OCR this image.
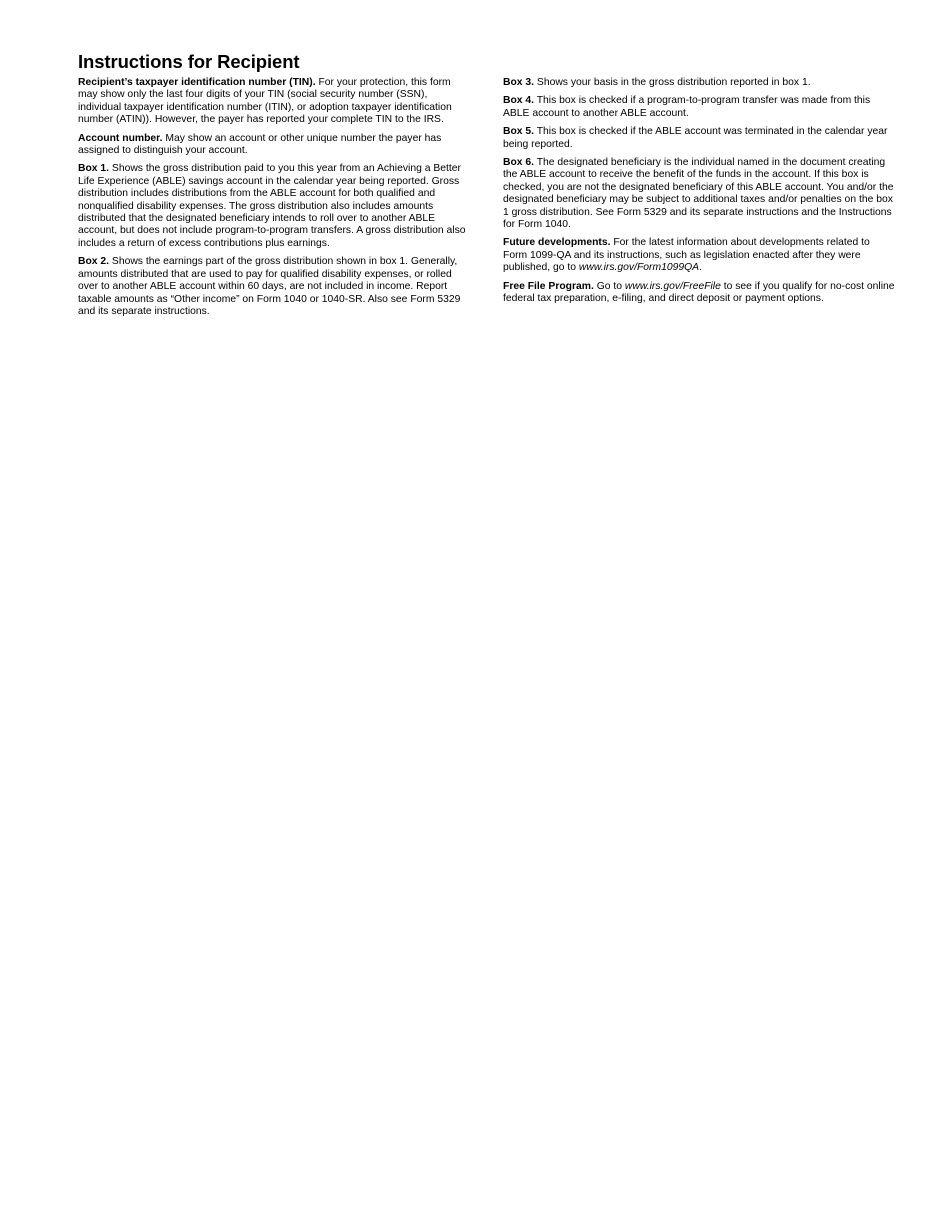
Instructions for Recipient

Recipient’s taxpayer identification number (TIN). For your protection, this form may show only the last four digits of your TIN (social security number (SSN), individual taxpayer identification number (ITIN), or adoption taxpayer identification number (ATIN)). However, the payer has reported your complete TIN to the IRS.

Account number. May show an account or other unique number the payer has assigned to distinguish your account.

Box 1. Shows the gross distribution paid to you this year from an Achieving a Better Life Experience (ABLE) savings account in the calendar year being reported. Gross distribution includes distributions from the ABLE account for both qualified and nonqualified disability expenses. The gross distribution also includes amounts distributed that the designated beneficiary intends to roll over to another ABLE account, but does not include program-to-program transfers. A gross distribution also includes a return of excess contributions plus earnings.

Box 2. Shows the earnings part of the gross distribution shown in box 1. Generally, amounts distributed that are used to pay for qualified disability expenses, or rolled over to another ABLE account within 60 days, are not included in income. Report taxable amounts as “Other income” on Form 1040 or 1040-SR. Also see Form 5329 and its separate instructions.

Box 3. Shows your basis in the gross distribution reported in box 1.

Box 4. This box is checked if a program-to-program transfer was made from this ABLE account to another ABLE account.

Box 5. This box is checked if the ABLE account was terminated in the calendar year being reported.

Box 6. The designated beneficiary is the individual named in the document creating the ABLE account to receive the benefit of the funds in the account. If this box is checked, you are not the designated beneficiary of this ABLE account. You and/or the designated beneficiary may be subject to additional taxes and/or penalties on the box 1 gross distribution. See Form 5329 and its separate instructions and the Instructions for Form 1040.

Future developments. For the latest information about developments related to Form 1099-QA and its instructions, such as legislation enacted after they were published, go to www.irs.gov/Form1099QA.

Free File Program. Go to www.irs.gov/FreeFile to see if you qualify for no-cost online federal tax preparation, e-filing, and direct deposit or payment options.
